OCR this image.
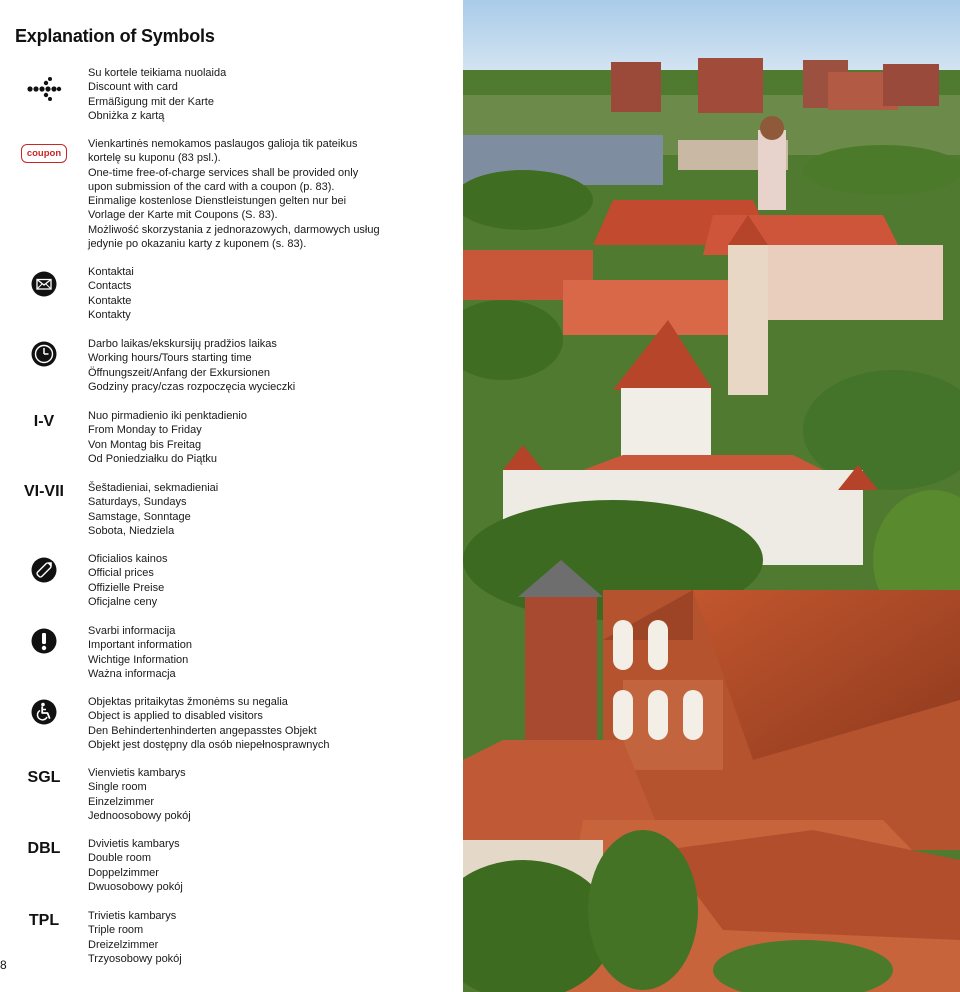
Explanation of Symbols
Su kortele teikiama nuolaida
Discount with card
Ermäßigung mit der Karte
Obniżka z kartą
coupon
Vienkartinės nemokamos paslaugos galioja tik pateikus
kortelę su kuponu (83 psl.).
One-time free-of-charge services shall be provided only
upon submission of the card with a coupon (p. 83).
Einmalige kostenlose Dienstleistungen gelten nur bei
Vorlage der Karte mit Coupons (S. 83).
Możliwość skorzystania z jednorazowych, darmowych usług
jedynie po okazaniu karty z kuponem (s. 83).
Kontaktai
Contacts
Kontakte
Kontakty
Darbo laikas/ekskursijų pradžios laikas
Working hours/Tours starting time
Öffnungszeit/Anfang der Exkursionen
Godziny pracy/czas rozpoczęcia wycieczki
I-V	Nuo pirmadienio iki penktadienio
From Monday to Friday
Von Montag bis Freitag
Od Poniedziałku do Piątku
VI-VII Šeštadieniai, sekmadieniai
Saturdays, Sundays
Samstage, Sonntage
Sobota, Niedziela
Oficialios kainos
Official prices
Offizielle Preise
Oficjalne ceny
Svarbi informacija
Important information
Wichtige Information
Ważna informacja
Objektas pritaikytas žmonėms su negalia
Object is applied to disabled visitors
Den Behindertenhinderten angepasstes Objekt
Objekt jest dostępny dla osób niepełnosprawnych
SGL	Vienvietis kambarys
Single room
Einzelzimmer
Jednoosobowy pokój
DBL	Dvivietis kambarys
Double room
Doppelzimmer
Dwuosobowy pokój
TPL	Trivietis kambarys
Triple room
Dreizelzimmer
Trzyosobowy pokój
8
